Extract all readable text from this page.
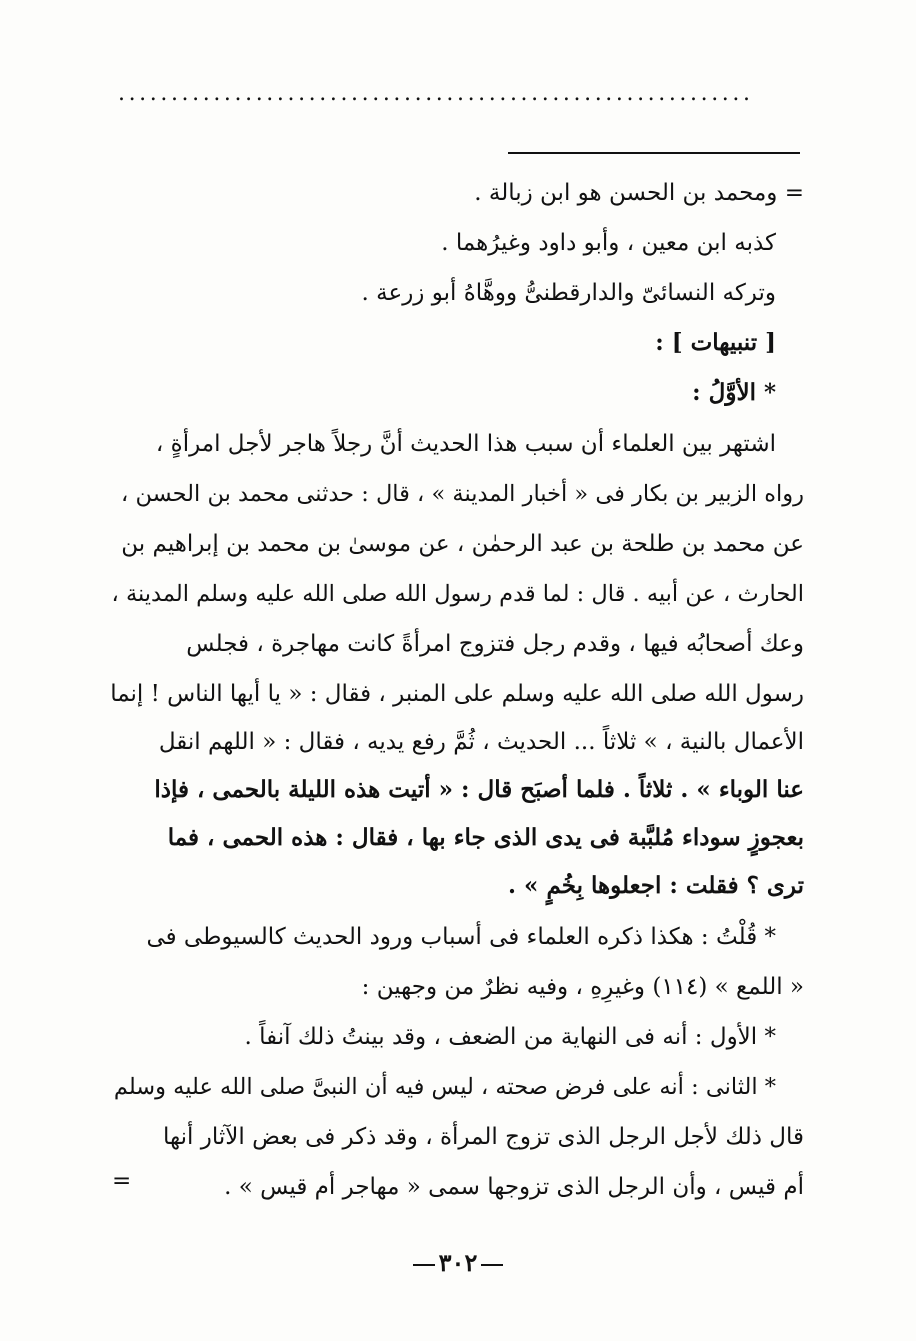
............................................................
= ومحمد بن الحسن هو ابن زبالة .
كذبه ابن معين ، وأبو داود وغيرُهما .
وتركه النسائىّ والدارقطنىُّ ووهَّاهُ أبو زرعة .
[ تنبيهات ] :
* الأوَّلُ :
اشتهر بين العلماء أن سبب هذا الحديث أنَّ رجلاً هاجر لأجل امرأةٍ ،
رواه الزبير بن بكار فى « أخبار المدينة » ، قال : حدثنى محمد بن الحسن ،
عن محمد بن طلحة بن عبد الرحمٰن ، عن موسىٰ بن محمد بن إبراهيم بن
الحارث ، عن أبيه . قال : لما قدم رسول الله صلى الله عليه وسلم المدينة ،
وعك أصحابُه فيها ، وقدم رجل فتزوج امرأةً كانت مهاجرة ، فجلس
رسول الله صلى الله عليه وسلم على المنبر ، فقال : « يا أيها الناس ! إنما
الأعمال بالنية ، » ثلاثاً ... الحديث ، ثُمَّ رفع يديه ، فقال : « اللهم انقل
عنا الوباء » . ثلاثاً . فلما أصبَح قال : « أتيت هذه الليلة بالحمى ، فإذا
بعجوزٍ سوداء مُلبَّبة فى يدى الذى جاء بها ، فقال : هذه الحمى ، فما
ترى ؟ فقلت : اجعلوها بِخُمٍ » .
* قُلْتُ : هكذا ذكره العلماء فى أسباب ورود الحديث كالسيوطى فى
« اللمع » (١١٤) وغيرِهِ ، وفيه نظرٌ من وجهين :
* الأول : أنه فى النهاية من الضعف ، وقد بينتُ ذلك آنفاً .
* الثانى : أنه على فرض صحته ، ليس فيه أن النبىَّ صلى الله عليه وسلم
قال ذلك لأجل الرجل الذى تزوج المرأة ، وقد ذكر فى بعض الآثار أنها
أم قيس ، وأن الرجل الذى تزوجها سمى « مهاجر أم قيس » .
=
٣٠٢
